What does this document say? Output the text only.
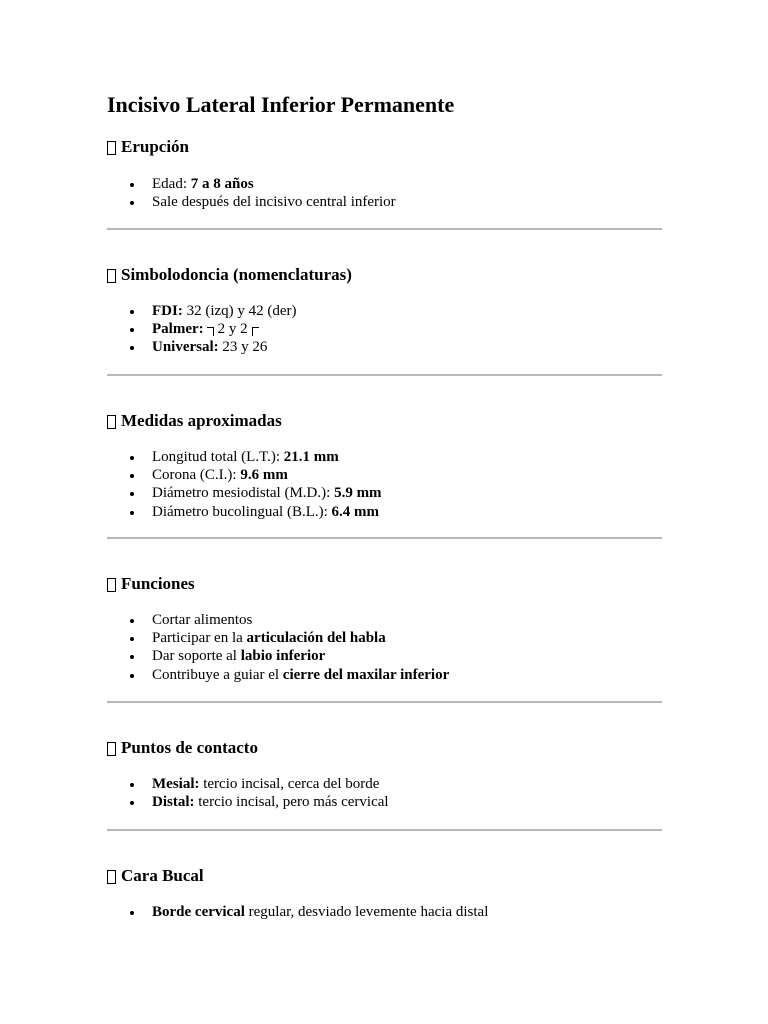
Incisivo Lateral Inferior Permanente
Erupción
Edad: 7 a 8 años
Sale después del incisivo central inferior
Simbolodoncia (nomenclaturas)
FDI: 32 (izq) y 42 (der)
Palmer: 2 y 2
Universal: 23 y 26
Medidas aproximadas
Longitud total (L.T.): 21.1 mm
Corona (C.I.): 9.6 mm
Diámetro mesiodistal (M.D.): 5.9 mm
Diámetro bucolingual (B.L.): 6.4 mm
Funciones
Cortar alimentos
Participar en la articulación del habla
Dar soporte al labio inferior
Contribuye a guiar el cierre del maxilar inferior
Puntos de contacto
Mesial: tercio incisal, cerca del borde
Distal: tercio incisal, pero más cervical
Cara Bucal
Borde cervical regular, desviado levemente hacia distal
